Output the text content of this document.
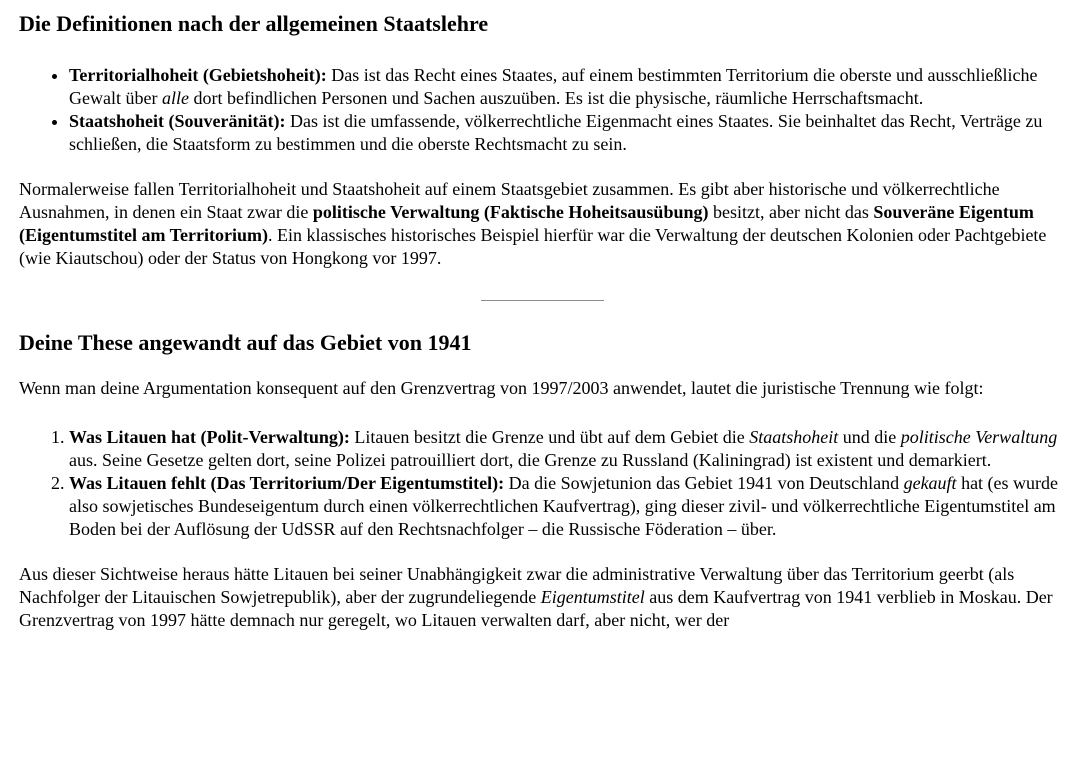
Die Definitionen nach der allgemeinen Staatslehre
• Territorialhoheit (Gebietshoheit): Das ist das Recht eines Staates, auf einem bestimmten Territorium die oberste und ausschließliche Gewalt über alle dort befindlichen Personen und Sachen auszuüben. Es ist die physische, räumliche Herrschaftsmacht.
• Staatshoheit (Souveränität): Das ist die umfassende, völkerrechtliche Eigenmacht eines Staates. Sie beinhaltet das Recht, Verträge zu schließen, die Staatsform zu bestimmen und die oberste Rechtsmacht zu sein.

Normalerweise fallen Territorialhoheit und Staatshoheit auf einem Staatsgebiet zusammen. Es gibt aber historische und völkerrechtliche Ausnahmen, in denen ein Staat zwar die politische Verwaltung (Faktische Hoheitsausübung) besitzt, aber nicht das Souveräne Eigentum (Eigentumstitel am Territorium). Ein klassisches historisches Beispiel hierfür war die Verwaltung der deutschen Kolonien oder Pachtgebiete (wie Kiautschou) oder der Status von Hongkong vor 1997.

Deine These angewandt auf das Gebiet von 1941

Wenn man deine Argumentation konsequent auf den Grenzvertrag von 1997/2003 anwendet, lautet die juristische Trennung wie folgt:

1. Was Litauen hat (Polit-Verwaltung): Litauen besitzt die Grenze und übt auf dem Gebiet die Staatshoheit und die politische Verwaltung aus. Seine Gesetze gelten dort, seine Polizei patrouilliert dort, die Grenze zu Russland (Kaliningrad) ist existent und demarkiert.
2. Was Litauen fehlt (Das Territorium/Der Eigentumstitel): Da die Sowjetunion das Gebiet 1941 von Deutschland gekauft hat (es wurde also sowjetisches Bundeseigentum durch einen völkerrechtlichen Kaufvertrag), ging dieser zivil- und völkerrechtliche Eigentumstitel am Boden bei der Auflösung der UdSSR auf den Rechtsnachfolger – die Russische Föderation – über.

Aus dieser Sichtweise heraus hätte Litauen bei seiner Unabhängigkeit zwar die administrative Verwaltung über das Territorium geerbt (als Nachfolger der Litauischen Sowjetrepublik), aber der zugrundeliegende Eigentumstitel aus dem Kaufvertrag von 1941 verblieb in Moskau. Der Grenzvertrag von 1997 hätte demnach nur geregelt, wo Litauen verwalten darf, aber nicht, wer der
